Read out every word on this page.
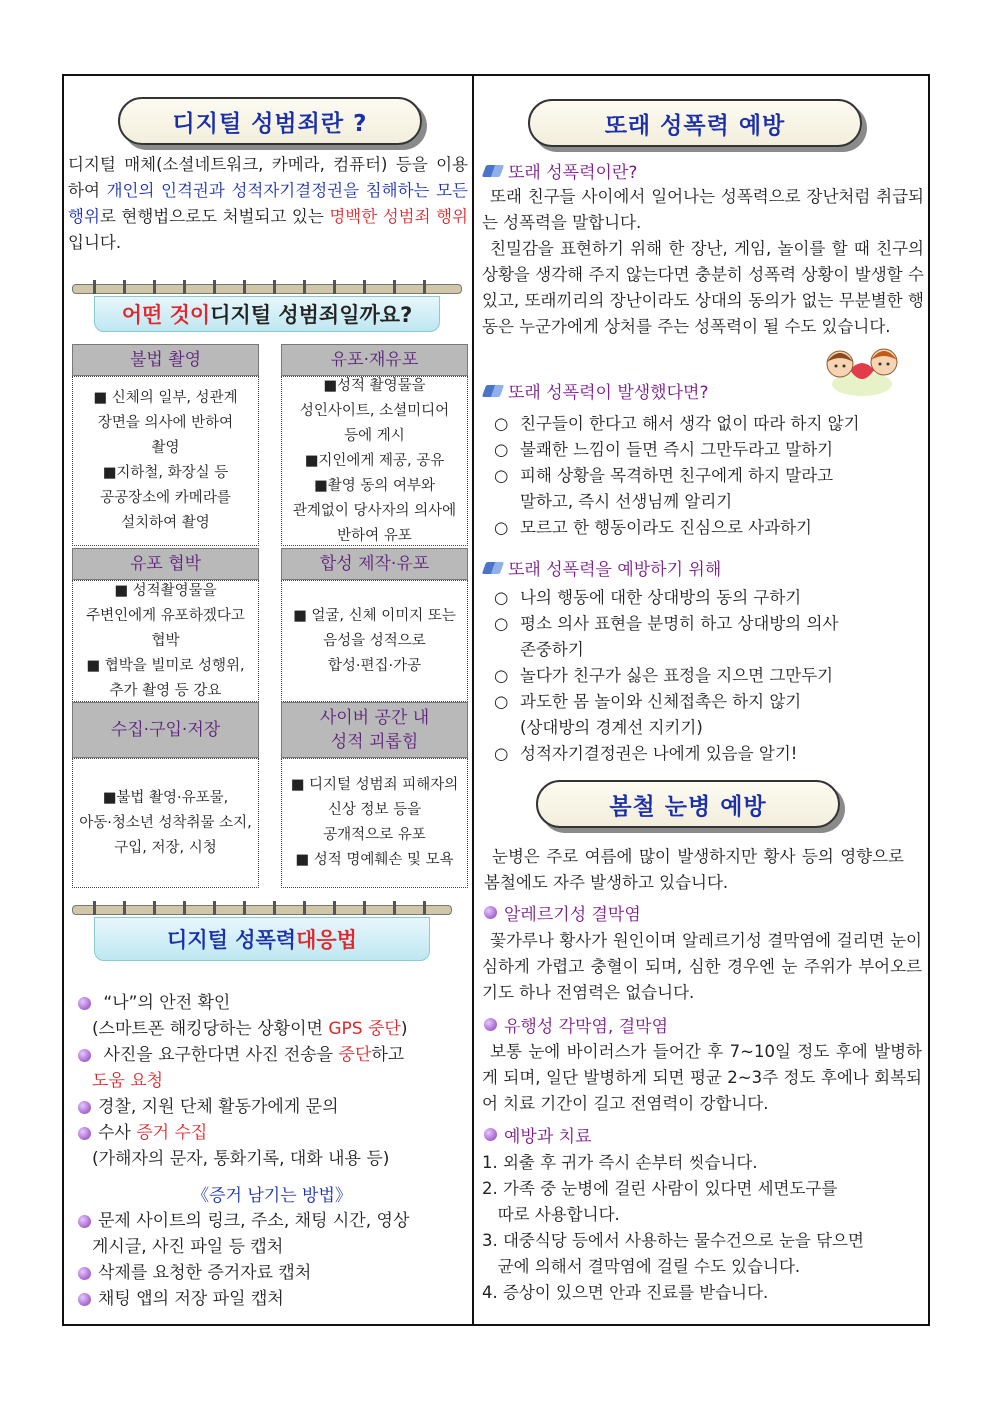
디지털 성범죄란 ?
디지털 매체(소셜네트워크, 카메라, 컴퓨터) 등을 이용하여 개인의 인격권과 성적자기결정권을 침해하는 모든 행위로 현행법으로도 처벌되고 있는 명백한 성범죄 행위입니다.
어떤 것이 디지털 성범죄일까요?
불법 촬영
■ 신체의 일부, 성관계
장면을 의사에 반하여
촬영
■지하철, 화장실 등
공공장소에 카메라를
설치하여 촬영
유포·재유포
■성적 촬영물을
성인사이트, 소셜미디어
등에 게시
■지인에게 제공, 공유
■촬영 동의 여부와
관계없이 당사자의 의사에
반하여 유포
유포 협박
■ 성적촬영물을
주변인에게 유포하겠다고
협박
■ 협박을 빌미로 성행위,
추가 촬영 등 강요
합성 제작·유포
■ 얼굴, 신체 이미지 또는
음성을 성적으로
합성·편집·가공
수집·구입·저장
■불법 촬영·유포물,
아동·청소년 성착취물 소지,
구입, 저장, 시청
사이버 공간 내
성적 괴롭힘
■ 디지털 성범죄 피해자의
신상 정보 등을
공개적으로 유포
■ 성적 명예훼손 및 모욕
디지털 성폭력 대응법
“나”의 안전 확인
(스마트폰 해킹당하는 상황이면 GPS 중단)
사진을 요구한다면 사진 전송을 중단하고
도움 요청
경찰, 지원 단체 활동가에게 문의
수사 증거 수집
(가해자의 문자, 통화기록, 대화 내용 등)
《증거 남기는 방법》
문제 사이트의 링크, 주소, 채팅 시간, 영상
게시글, 사진 파일 등 캡처
삭제를 요청한 증거자료 캡처
채팅 앱의 저장 파일 캡처
또래 성폭력 예방
또래 성폭력이란?
또래 친구들 사이에서 일어나는 성폭력으로 장난처럼 취급되는 성폭력을 말합니다.
친밀감을 표현하기 위해 한 장난, 게임, 놀이를 할 때 친구의 상황을 생각해 주지 않는다면 충분히 성폭력 상황이 발생할 수 있고, 또래끼리의 장난이라도 상대의 동의가 없는 무분별한 행동은 누군가에게 상처를 주는 성폭력이 될 수도 있습니다.
또래 성폭력이 발생했다면?
○ 친구들이 한다고 해서 생각 없이 따라 하지 않기
○ 불쾌한 느낌이 들면 즉시 그만두라고 말하기
○ 피해 상황을 목격하면 친구에게 하지 말라고
말하고, 즉시 선생님께 알리기
○ 모르고 한 행동이라도 진심으로 사과하기
또래 성폭력을 예방하기 위해
○ 나의 행동에 대한 상대방의 동의 구하기
○ 평소 의사 표현을 분명히 하고 상대방의 의사
존중하기
○ 놀다가 친구가 싫은 표정을 지으면 그만두기
○ 과도한 몸 놀이와 신체접촉은 하지 않기
(상대방의 경계선 지키기)
○ 성적자기결정권은 나에게 있음을 알기!
봄철 눈병 예방
눈병은 주로 여름에 많이 발생하지만 황사 등의 영향으로 봄철에도 자주 발생하고 있습니다.
알레르기성 결막염
꽃가루나 황사가 원인이며 알레르기성 결막염에 걸리면 눈이 심하게 가렵고 충혈이 되며, 심한 경우엔 눈 주위가 부어오르기도 하나 전염력은 없습니다.
유행성 각막염, 결막염
보통 눈에 바이러스가 들어간 후 7~10일 정도 후에 발병하게 되며, 일단 발병하게 되면 평균 2~3주 정도 후에나 회복되어 치료 기간이 길고 전염력이 강합니다.
예방과 치료
1. 외출 후 귀가 즉시 손부터 씻습니다.
2. 가족 중 눈병에 걸린 사람이 있다면 세면도구를
따로 사용합니다.
3. 대중식당 등에서 사용하는 물수건으로 눈을 닦으면
균에 의해서 결막염에 걸릴 수도 있습니다.
4. 증상이 있으면 안과 진료를 받습니다.
